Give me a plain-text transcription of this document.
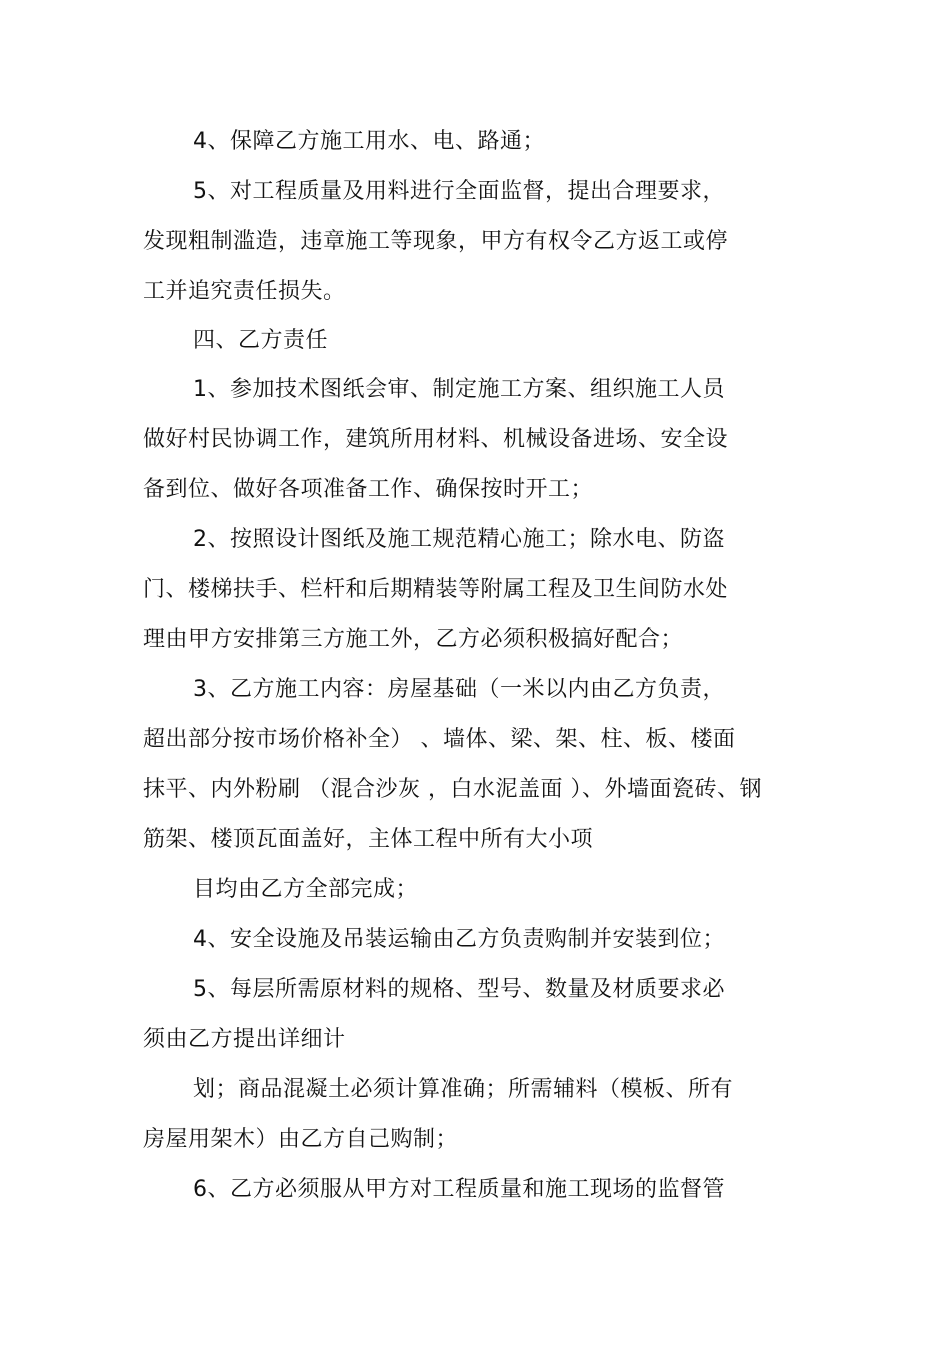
4、保障乙方施工用水、电、路通；

5、对工程质量及用料进行全面监督，提出合理要求，

发现粗制滥造，违章施工等现象，甲方有权令乙方返工或停

工并追究责任损失。

四、乙方责任

1、参加技术图纸会审、制定施工方案、组织施工人员

做好村民协调工作，建筑所用材料、机械设备进场、安全设

备到位、做好各项准备工作、确保按时开工；

2、按照设计图纸及施工规范精心施工；除水电、防盗

门、楼梯扶手、栏杆和后期精装等附属工程及卫生间防水处

理由甲方安排第三方施工外，乙方必须积极搞好配合；

3、乙方施工内容：房屋基础（一米以内由乙方负责，

超出部分按市场价格补全） 、墙体、梁、架、柱、板、楼面

抹平、内外粉刷 （混合沙灰 ，白水泥盖面 ）、外墙面瓷砖、钢

筋架、楼顶瓦面盖好，主体工程中所有大小项

目均由乙方全部完成；

4、安全设施及吊装运输由乙方负责购制并安装到位；

5、每层所需原材料的规格、型号、数量及材质要求必

须由乙方提出详细计

划；商品混凝土必须计算准确；所需辅料（模板、所有

房屋用架木）由乙方自己购制；

6、乙方必须服从甲方对工程质量和施工现场的监督管
